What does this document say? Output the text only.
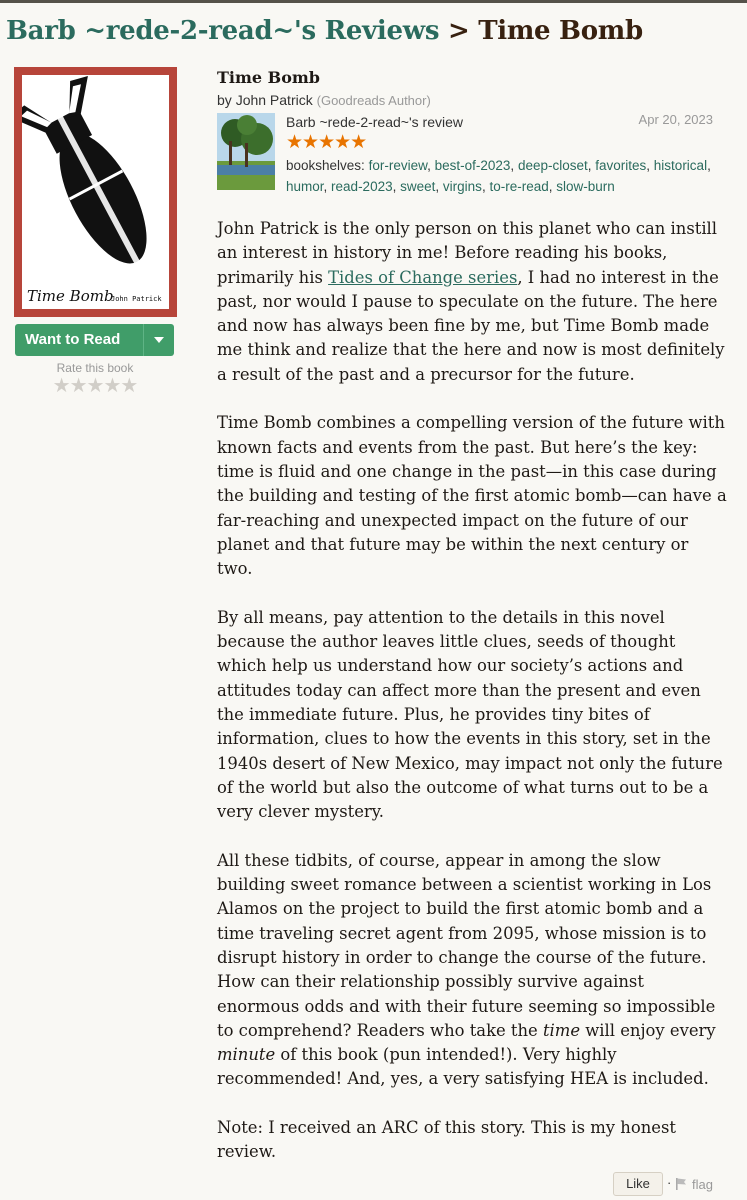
Barb ~rede-2-read~'s Reviews > Time Bomb
Time Bomb
John Patrick
Want to Read
Rate this book
★★★★★
Time Bomb
by John Patrick (Goodreads Author)
Barb ~rede-2-read~'s review	Apr 20, 2023
★★★★★
bookshelves: for-review, best-of-2023, deep-closet, favorites, historical, humor, read-2023, sweet, virgins, to-re-read, slow-burn

John Patrick is the only person on this planet who can instill an interest in history in me! Before reading his books, primarily his Tides of Change series, I had no interest in the past, nor would I pause to speculate on the future. The here and now has always been fine by me, but Time Bomb made me think and realize that the here and now is most definitely a result of the past and a precursor for the future.

Time Bomb combines a compelling version of the future with known facts and events from the past. But here’s the key: time is fluid and one change in the past—in this case during the building and testing of the first atomic bomb—can have a far-reaching and unexpected impact on the future of our planet and that future may be within the next century or two.

By all means, pay attention to the details in this novel because the author leaves little clues, seeds of thought which help us understand how our society’s actions and attitudes today can affect more than the present and even the immediate future. Plus, he provides tiny bites of information, clues to how the events in this story, set in the 1940s desert of New Mexico, may impact not only the future of the world but also the outcome of what turns out to be a very clever mystery.

All these tidbits, of course, appear in among the slow building sweet romance between a scientist working in Los Alamos on the project to build the first atomic bomb and a time traveling secret agent from 2095, whose mission is to disrupt history in order to change the course of the future. How can their relationship possibly survive against enormous odds and with their future seeming so impossible to comprehend? Readers who take the time will enjoy every minute of this book (pun intended!). Very highly recommended! And, yes, a very satisfying HEA is included.

Note: I received an ARC of this story. This is my honest review.

Like	· flag
